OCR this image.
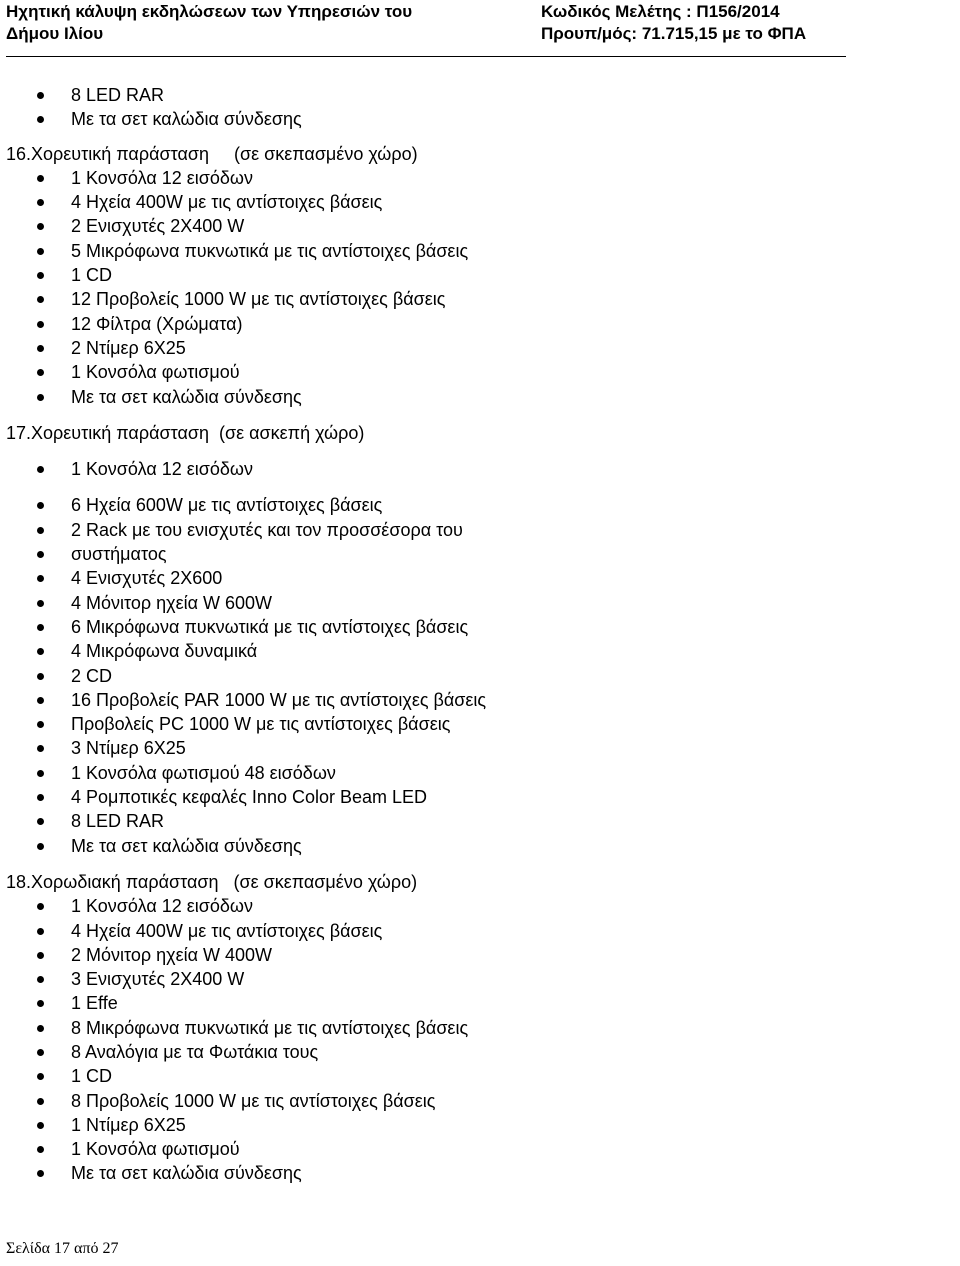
Ηχητική κάλυψη εκδηλώσεων των Υπηρεσιών του
Δήμου Ιλίου
Κωδικός Μελέτης : Π156/2014
Προυπ/μός: 71.715,15 με το ΦΠΑ
8 LED RAR
Με τα σετ καλώδια σύνδεσης
16.Χορευτική παράσταση     (σε σκεπασμένο χώρο)
1 Κονσόλα 12 εισόδων
4 Ηχεία 400W με τις αντίστοιχες βάσεις
2 Ενισχυτές 2Χ400 W
5 Μικρόφωνα πυκνωτικά με τις αντίστοιχες βάσεις
1 CD
12 Προβολείς 1000 W με τις αντίστοιχες βάσεις
12 Φίλτρα (Χρώματα)
2 Ντίμερ 6Χ25
1 Κονσόλα φωτισμού
Με τα σετ καλώδια σύνδεσης
17.Χορευτική παράσταση  (σε ασκεπή χώρο)
1 Κονσόλα 12 εισόδων
6 Ηχεία 600W με τις αντίστοιχες βάσεις
2 Rack με του ενισχυτές και τον προσσέσορα του
συστήματος
4 Ενισχυτές 2Χ600
4 Μόνιτορ ηχεία W 600W
6 Μικρόφωνα πυκνωτικά με τις αντίστοιχες βάσεις
4 Μικρόφωνα δυναμικά
2 CD
16 Προβολείς PAR 1000 W με τις αντίστοιχες βάσεις
Προβολείς PC 1000 W με τις αντίστοιχες βάσεις
3 Ντίμερ 6Χ25
1 Κονσόλα φωτισμού 48 εισόδων
4 Ρομποτικές κεφαλές Inno Color Beam LED
8 LED RAR
Με τα σετ καλώδια σύνδεσης
18.Χορωδιακή παράσταση   (σε σκεπασμένο χώρο)
1 Κονσόλα 12 εισόδων
4 Ηχεία 400W με τις αντίστοιχες βάσεις
2 Μόνιτορ ηχεία W 400W
3 Ενισχυτές 2Χ400 W
1 Effe
8 Μικρόφωνα πυκνωτικά με τις αντίστοιχες βάσεις
8 Αναλόγια με τα Φωτάκια τους
1 CD
8 Προβολείς 1000 W με τις αντίστοιχες βάσεις
1 Ντίμερ 6Χ25
1 Κονσόλα φωτισμού
Με τα σετ καλώδια σύνδεσης
Σελίδα 17 από 27
